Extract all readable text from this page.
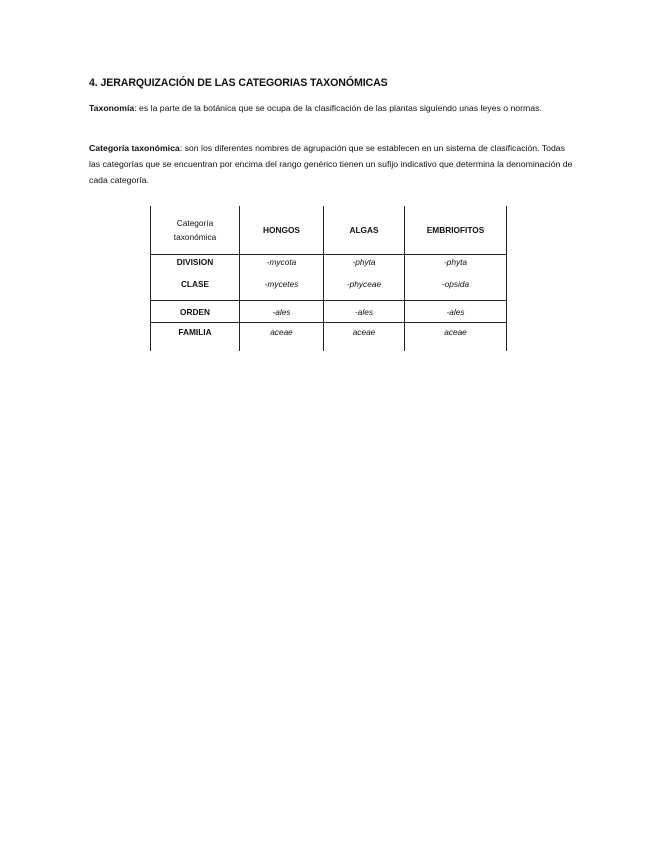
4. JERARQUIZACIÓN DE LAS CATEGORIAS TAXONÓMICAS

Taxonomía: es la parte de la botánica que se ocupa de la clasificación de las plantas siguiendo unas leyes o normas.

Categoría taxonómica: son los diferentes nombres de agrupación que se establecen en un sistema de clasificación. Todas las categorías que se encuentran por encima del rango genérico tienen un sufijo indicativo que determina la denominación de cada categoría.

Categoría
taxonómica	HONGOS	ALGAS	EMBRIOFITOS
DIVISION	-mycota	-phyta	-phyta
CLASE	-mycetes	-phyceae	-opsida
ORDEN	-ales	-ales	-ales
FAMILIA	aceae	aceae	aceae
